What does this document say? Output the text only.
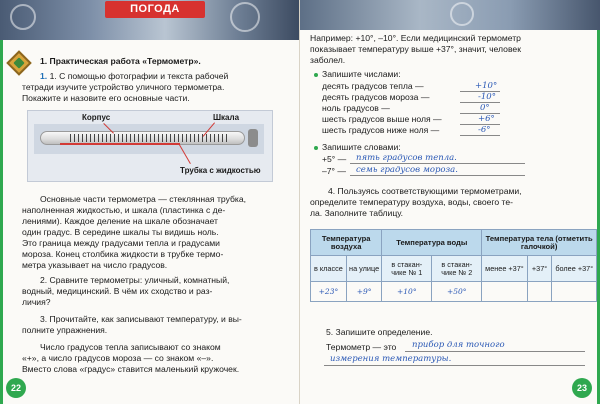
ПОГОДА
1. Практическая работа «Термометр».
1. 1. С помощью фотографии и текста рабочей
тетради изучите устройство уличного термометра.
Покажите и назовите его основные части.
Корпус	Шкала
Трубка с жидкостью
Основные части термометра — стеклянная трубка,
наполненная жидкостью, и шкала (пластинка с де-
лениями). Каждое деление на шкале обозначает
один градус. В середине шкалы ты видишь ноль.
Это граница между градусами тепла и градусами
мороза. Конец столбика жидкости в трубке термо-
метра указывает на число градусов.
2. Сравните термометры: уличный, комнатный,
водный, медицинский. В чём их сходство и раз-
личия?
3. Прочитайте, как записывают температуру, и вы-
полните упражнения.
Число градусов тепла записывают со знаком
«+», а число градусов мороза — со знаком «–».
Вместо слова «градус» ставится маленький кружочек.
22
Например: +10°, –10°. Если медицинский термометр
показывает температуру выше +37°, значит, человек
заболел.
Запишите числами:
десять градусов тепла —	+10°
десять градусов мороза —	-10°
ноль градусов —	0°
шесть градусов выше ноля —	+6°
шесть градусов ниже ноля —	-6°
Запишите словами:
+5° — пять градусов тепла.
–7° — семь градусов мороза.
4. Пользуясь соответствующими термометрами,
определите температуру воздуха, воды, своего те-
ла. Заполните таблицу.
Температура воздуха		Температура воды		Температура тела (отметить галочкой)		
в классе	на улице	в стакан-чике № 1	в стакан-чике № 2	менее +37°	+37°	более +37°
+23°	+9°	+10°	+50°			
5. Запишите определение.
Термометр — это прибор для точного
измерения температуры.
23
